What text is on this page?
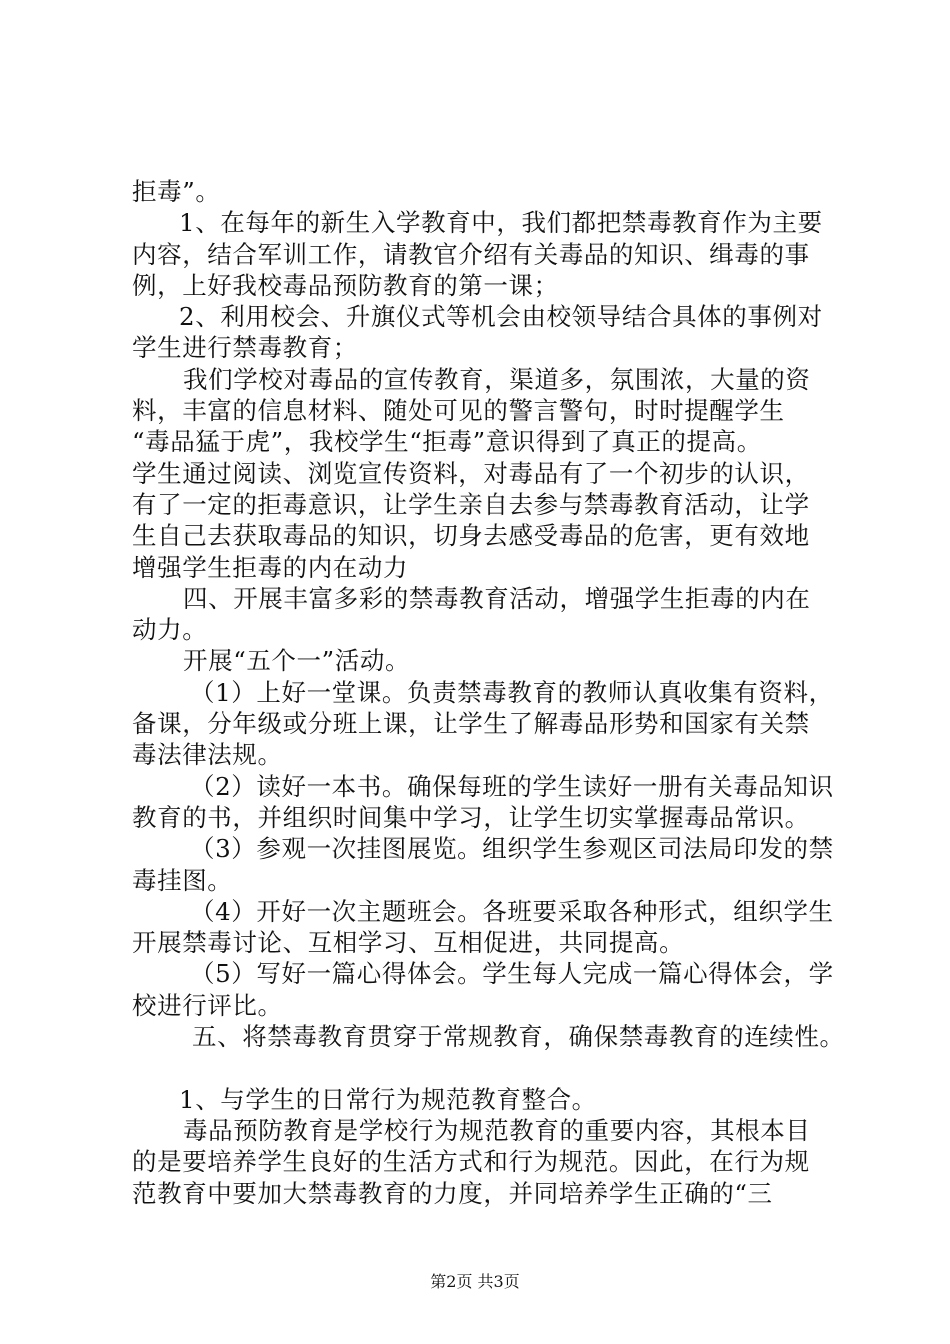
拒毒”。
1、在每年的新生入学教育中，我们都把禁毒教育作为主要
内容，结合军训工作，请教官介绍有关毒品的知识、缉毒的事
例，上好我校毒品预防教育的第一课；
2、利用校会、升旗仪式等机会由校领导结合具体的事例对
学生进行禁毒教育；
我们学校对毒品的宣传教育，渠道多，氛围浓，大量的资
料，丰富的信息材料、随处可见的警言警句，时时提醒学生
“毒品猛于虎”，我校学生“拒毒”意识得到了真正的提高。
学生通过阅读、浏览宣传资料，对毒品有了一个初步的认识，
有了一定的拒毒意识，让学生亲自去参与禁毒教育活动，让学
生自己去获取毒品的知识，切身去感受毒品的危害，更有效地
增强学生拒毒的内在动力
四、开展丰富多彩的禁毒教育活动，增强学生拒毒的内在
动力。
开展“五个一”活动。
（1）上好一堂课。负责禁毒教育的教师认真收集有资料，
备课，分年级或分班上课，让学生了解毒品形势和国家有关禁
毒法律法规。
（2）读好一本书。确保每班的学生读好一册有关毒品知识
教育的书，并组织时间集中学习，让学生切实掌握毒品常识。
（3）参观一次挂图展览。组织学生参观区司法局印发的禁
毒挂图。
（4）开好一次主题班会。各班要采取各种形式，组织学生
开展禁毒讨论、互相学习、互相促进，共同提高。
（5）写好一篇心得体会。学生每人完成一篇心得体会，学
校进行评比。
五、将禁毒教育贯穿于常规教育，确保禁毒教育的连续性。
1、与学生的日常行为规范教育整合。
毒品预防教育是学校行为规范教育的重要内容，其根本目
的是要培养学生良好的生活方式和行为规范。因此，在行为规
范教育中要加大禁毒教育的力度，并同培养学生正确的“三
第2页 共3页
